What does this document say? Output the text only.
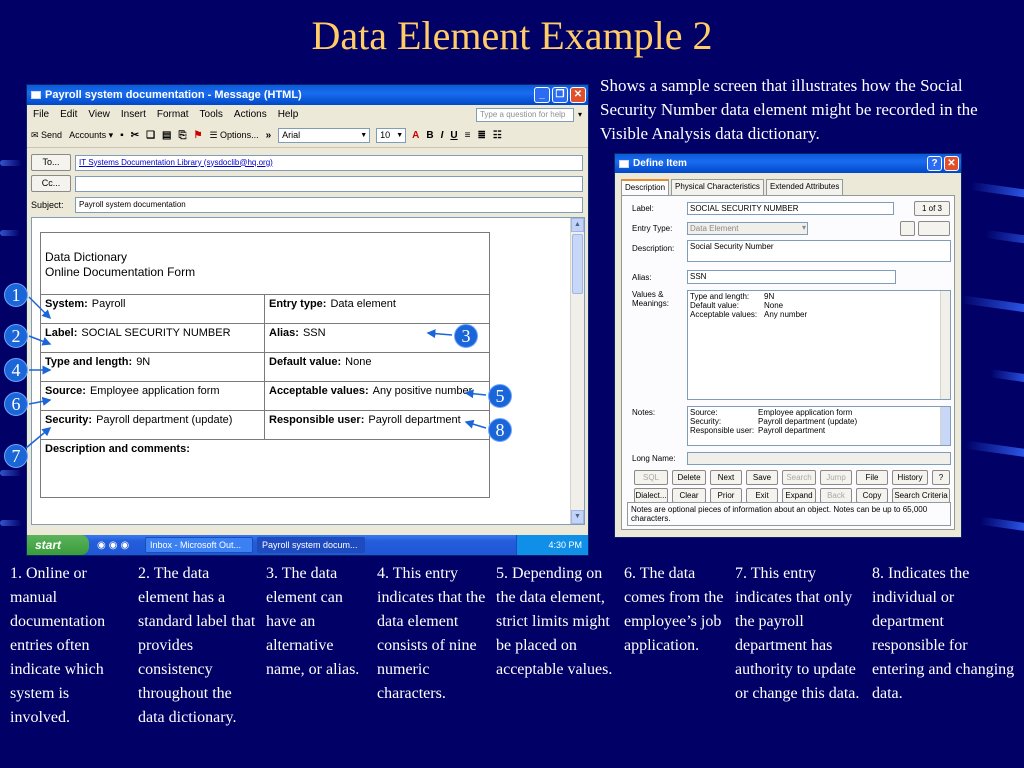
Data Element Example 2
Shows a sample screen that illustrates how the Social Security Number data element might be recorded in the Visible Analysis data dictionary.
Payroll system documentation - Message (HTML)	_	❐ ✕
File Edit View Insert Format Tools Actions Help	Type a question for help	▾
✉ Send Accounts ▾ ▪ ✂ ❏ ▤ ⎘ ⚑ ☰ Options... »	Arial	▼	10 ▼ A B I U ≡ ≣ ☷
To...	IT Systems Documentation Library (sysdoclib@hq.org)
Cc...
Subject:	Payroll system documentation
Data Dictionary
Online Documentation Form
System: Payroll	Entry type: Data element
Label: SOCIAL SECURITY NUMBER	Alias: SSN
Type and length: 9N	Default value: None
Source: Employee application form	Acceptable values: Any positive number
Security: Payroll department (update)	Responsible user: Payroll department
Description and comments:
▲
▼
start	◉◉◉	Inbox - Microsoft Out...	Payroll system docum...	4:30 PM
Define Item	? ✕
Description	Physical Characteristics	Extended Attributes
Label:	SOCIAL SECURITY NUMBER	1 of 3
Entry Type:	Data Element	▾
Description:	Social Security Number
Alias:	SSN
Values &
Meanings:
Type and length:	9N
Default value:	None
Acceptable values: Any number
Notes:	Source:	Employee application form
Security:	Payroll department (update)
Responsible user: Payroll department
Long Name:
SQL	Delete	Next	Save	Search	Jump	File	History	?
Dialect...	Clear	Prior	Exit	Expand	Back	Copy	Search Criteria
Notes are optional pieces of information about an object. Notes can be up to 65,000 characters.
1
2	3
4
5
6
7
8
1. Online or manual documentation entries often indicate which system is involved.
2. The data element has a standard label that provides consistency throughout the data dictionary.
3. The data element can have an alternative name, or alias.
4. This entry indicates that the data element consists of nine numeric characters.
5. Depending on the data element, strict limits might be placed on acceptable values.
6. The data comes from the employee’s job application.
7. This entry indicates that only the payroll department has authority to update or change this data.
8. Indicates the individual or department responsible for entering and changing data.
